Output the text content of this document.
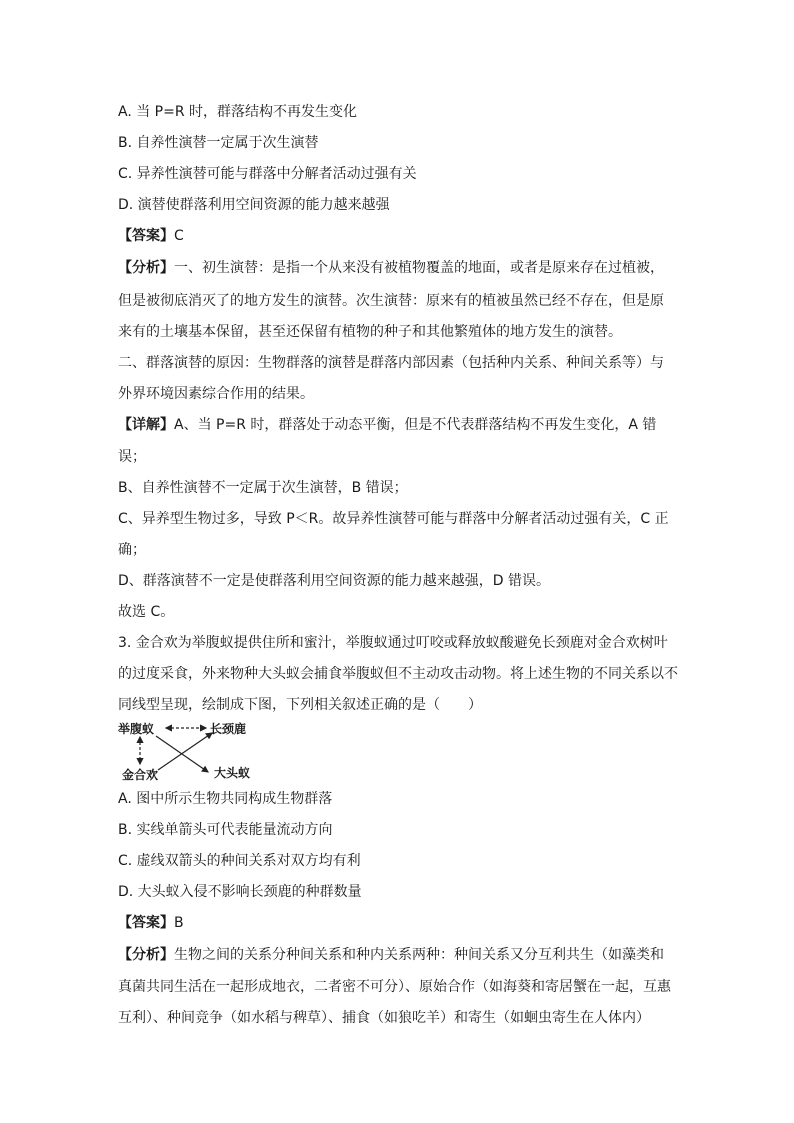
A. 当 P=R 时，群落结构不再发生变化
B. 自养性演替一定属于次生演替
C. 异养性演替可能与群落中分解者活动过强有关
D. 演替使群落利用空间资源的能力越来越强
【答案】C
【分析】一、初生演替：是指一个从来没有被植物覆盖的地面，或者是原来存在过植被，
但是被彻底消灭了的地方发生的演替。次生演替：原来有的植被虽然已经不存在，但是原
来有的土壤基本保留，甚至还保留有植物的种子和其他繁殖体的地方发生的演替。
二、群落演替的原因：生物群落的演替是群落内部因素（包括种内关系、种间关系等）与
外界环境因素综合作用的结果。
【详解】A、当 P=R 时，群落处于动态平衡，但是不代表群落结构不再发生变化，A 错
误；
B、自养性演替不一定属于次生演替，B 错误；
C、异养型生物过多，导致 P＜R。故异养性演替可能与群落中分解者活动过强有关，C 正
确；
D、群落演替不一定是使群落利用空间资源的能力越来越强，D 错误。
故选 C。
3. 金合欢为举腹蚁提供住所和蜜汁，举腹蚁通过叮咬或释放蚁酸避免长颈鹿对金合欢树叶
的过度采食，外来物种大头蚁会捕食举腹蚁但不主动攻击动物。将上述生物的不同关系以不
同线型呈现，绘制成下图，下列相关叙述正确的是（　　）
举腹蚁	长颈鹿
金合欢	大头蚁
A. 图中所示生物共同构成生物群落
B. 实线单箭头可代表能量流动方向
C. 虚线双箭头的种间关系对双方均有利
D. 大头蚁入侵不影响长颈鹿的种群数量
【答案】B
【分析】生物之间的关系分种间关系和种内关系两种：种间关系又分互利共生（如藻类和
真菌共同生活在一起形成地衣，二者密不可分）、原始合作（如海葵和寄居蟹在一起，互惠
互利）、种间竞争（如水稻与稗草）、捕食（如狼吃羊）和寄生（如蛔虫寄生在人体内）
